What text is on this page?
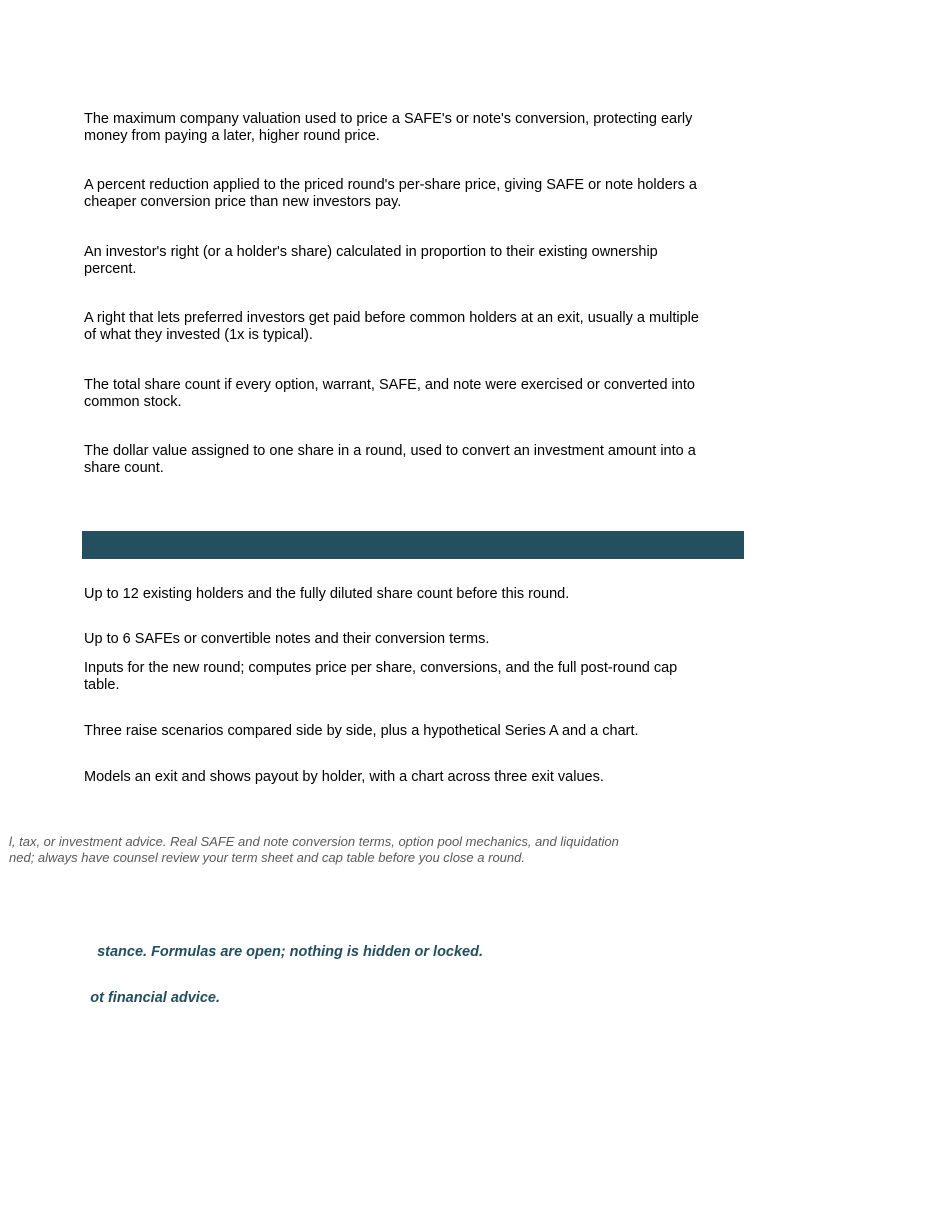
The maximum company valuation used to price a SAFE's or note's conversion, protecting early
money from paying a later, higher round price.
A percent reduction applied to the priced round's per-share price, giving SAFE or note holders a
cheaper conversion price than new investors pay.
An investor's right (or a holder's share) calculated in proportion to their existing ownership
percent.
A right that lets preferred investors get paid before common holders at an exit, usually a multiple
of what they invested (1x is typical).
The total share count if every option, warrant, SAFE, and note were exercised or converted into
common stock.
The dollar value assigned to one share in a round, used to convert an investment amount into a
share count.
Up to 12 existing holders and the fully diluted share count before this round.
Up to 6 SAFEs or convertible notes and their conversion terms.
Inputs for the new round; computes price per share, conversions, and the full post-round cap
table.
Three raise scenarios compared side by side, plus a hypothetical Series A and a chart.
Models an exit and shows payout by holder, with a chart across three exit values.
l, tax, or investment advice. Real SAFE and note conversion terms, option pool mechanics, and liquidation
ned; always have counsel review your term sheet and cap table before you close a round.
stance. Formulas are open; nothing is hidden or locked.
ot financial advice.
